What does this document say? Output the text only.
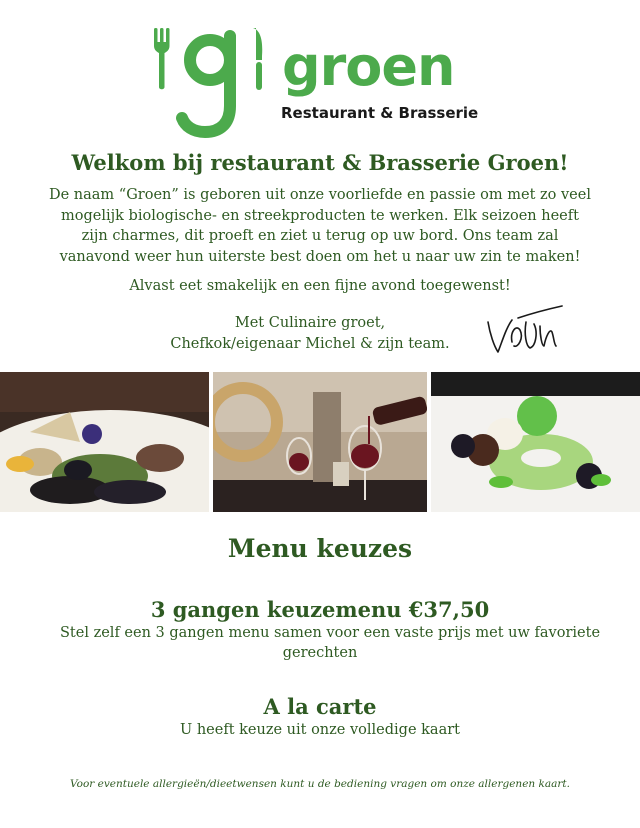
groen
Restaurant & Brasserie
Welkom bij restaurant & Brasserie Groen!
De naam “Groen” is geboren uit onze voorliefde en passie om met zo veel
mogelijk biologische- en streekproducten te werken. Elk seizoen heeft
zijn charmes, dit proeft en ziet u terug op uw bord. Ons team zal
vanavond weer hun uiterste best doen om het u naar uw zin te maken!
Alvast eet smakelijk en een fijne avond toegewenst!
Met Culinaire groet,
Chefkok/eigenaar Michel & zijn team.
Menu keuzes
3 gangen keuzemenu €37,50
Stel zelf een 3 gangen menu samen voor een vaste prijs met uw favoriete
gerechten
A la carte
U heeft keuze uit onze volledige kaart
Voor eventuele allergieën/dieetwensen kunt u de bediening vragen om onze allergenen kaart.
